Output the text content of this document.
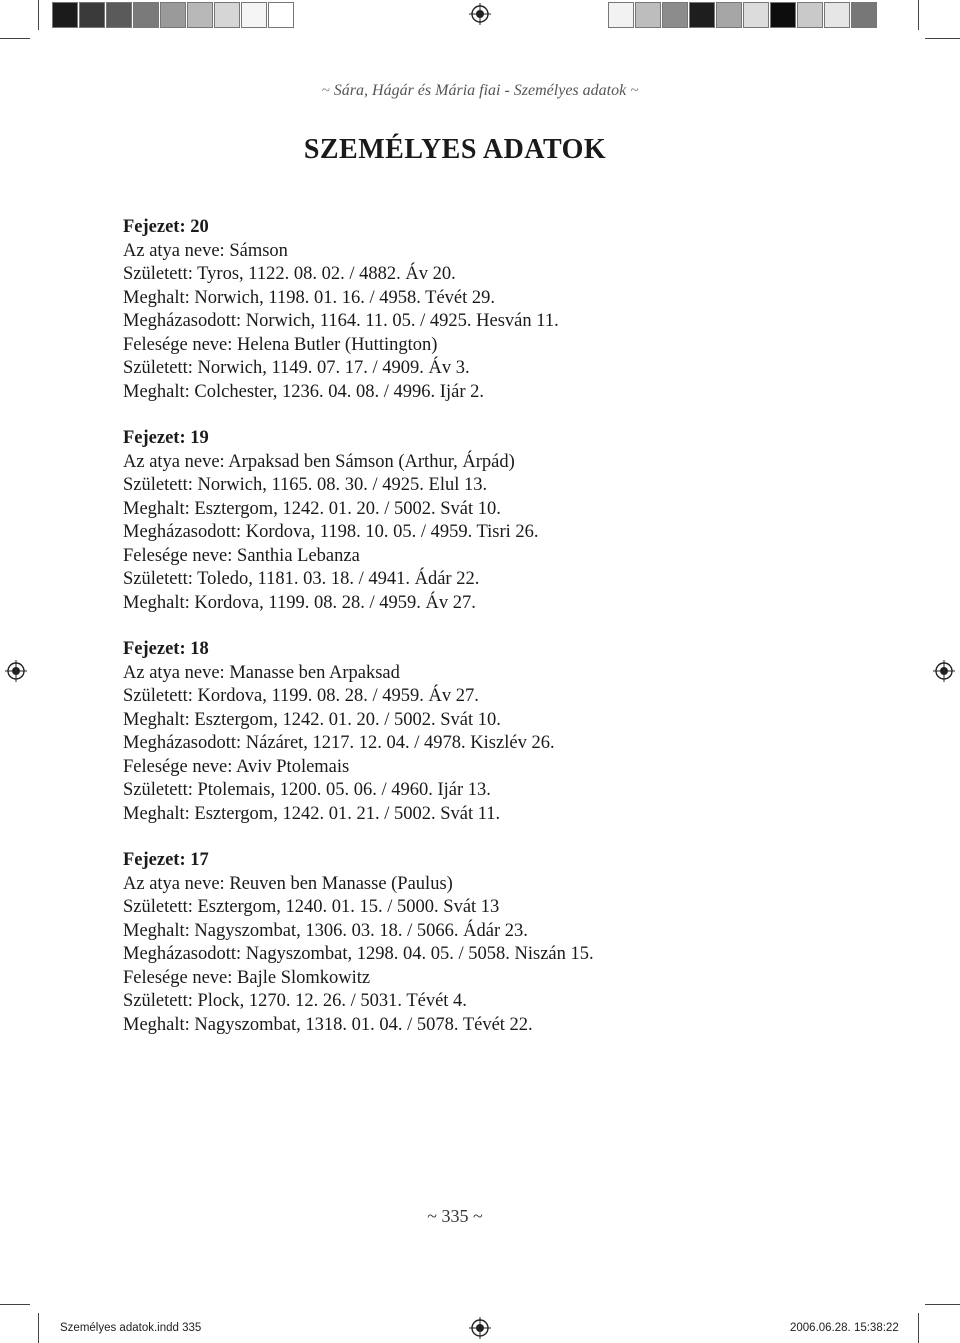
~ Sára, Hágár és Mária fiai - Személyes adatok ~
SZEMÉLYES ADATOK
Fejezet: 20
Az atya neve: Sámson
Született: Tyros, 1122. 08. 02. / 4882. Áv 20.
Meghalt: Norwich, 1198. 01. 16. / 4958. Tévét 29.
Megházasodott: Norwich, 1164. 11. 05. / 4925. Hesván 11.
Felesége neve: Helena Butler (Huttington)
Született: Norwich, 1149. 07. 17. / 4909. Áv 3.
Meghalt: Colchester, 1236. 04. 08. / 4996. Ijár 2.
Fejezet: 19
Az atya neve: Arpaksad ben Sámson (Arthur, Árpád)
Született: Norwich, 1165. 08. 30. / 4925. Elul 13.
Meghalt: Esztergom, 1242. 01. 20. / 5002. Svát 10.
Megházasodott: Kordova, 1198. 10. 05. / 4959. Tisri 26.
Felesége neve: Santhia Lebanza
Született: Toledo, 1181. 03. 18. / 4941. Ádár 22.
Meghalt: Kordova, 1199. 08. 28. / 4959. Áv 27.
Fejezet: 18
Az atya neve: Manasse ben Arpaksad
Született: Kordova, 1199. 08. 28. / 4959. Áv 27.
Meghalt: Esztergom, 1242. 01. 20. / 5002. Svát 10.
Megházasodott: Názáret, 1217. 12. 04. / 4978. Kiszlév 26.
Felesége neve: Aviv Ptolemais
Született: Ptolemais, 1200. 05. 06. / 4960. Ijár 13.
Meghalt: Esztergom, 1242. 01. 21. / 5002. Svát 11.
Fejezet: 17
Az atya neve: Reuven ben Manasse (Paulus)
Született: Esztergom, 1240. 01. 15. / 5000. Svát 13
Meghalt: Nagyszombat, 1306. 03. 18. / 5066. Ádár 23.
Megházasodott: Nagyszombat, 1298. 04. 05. / 5058. Niszán 15.
Felesége neve: Bajle Slomkowitz
Született: Plock, 1270. 12. 26. / 5031. Tévét 4.
Meghalt: Nagyszombat, 1318. 01. 04. / 5078. Tévét 22.
~ 335 ~
Személyes adatok.indd 335	2006.06.28. 15:38:22
